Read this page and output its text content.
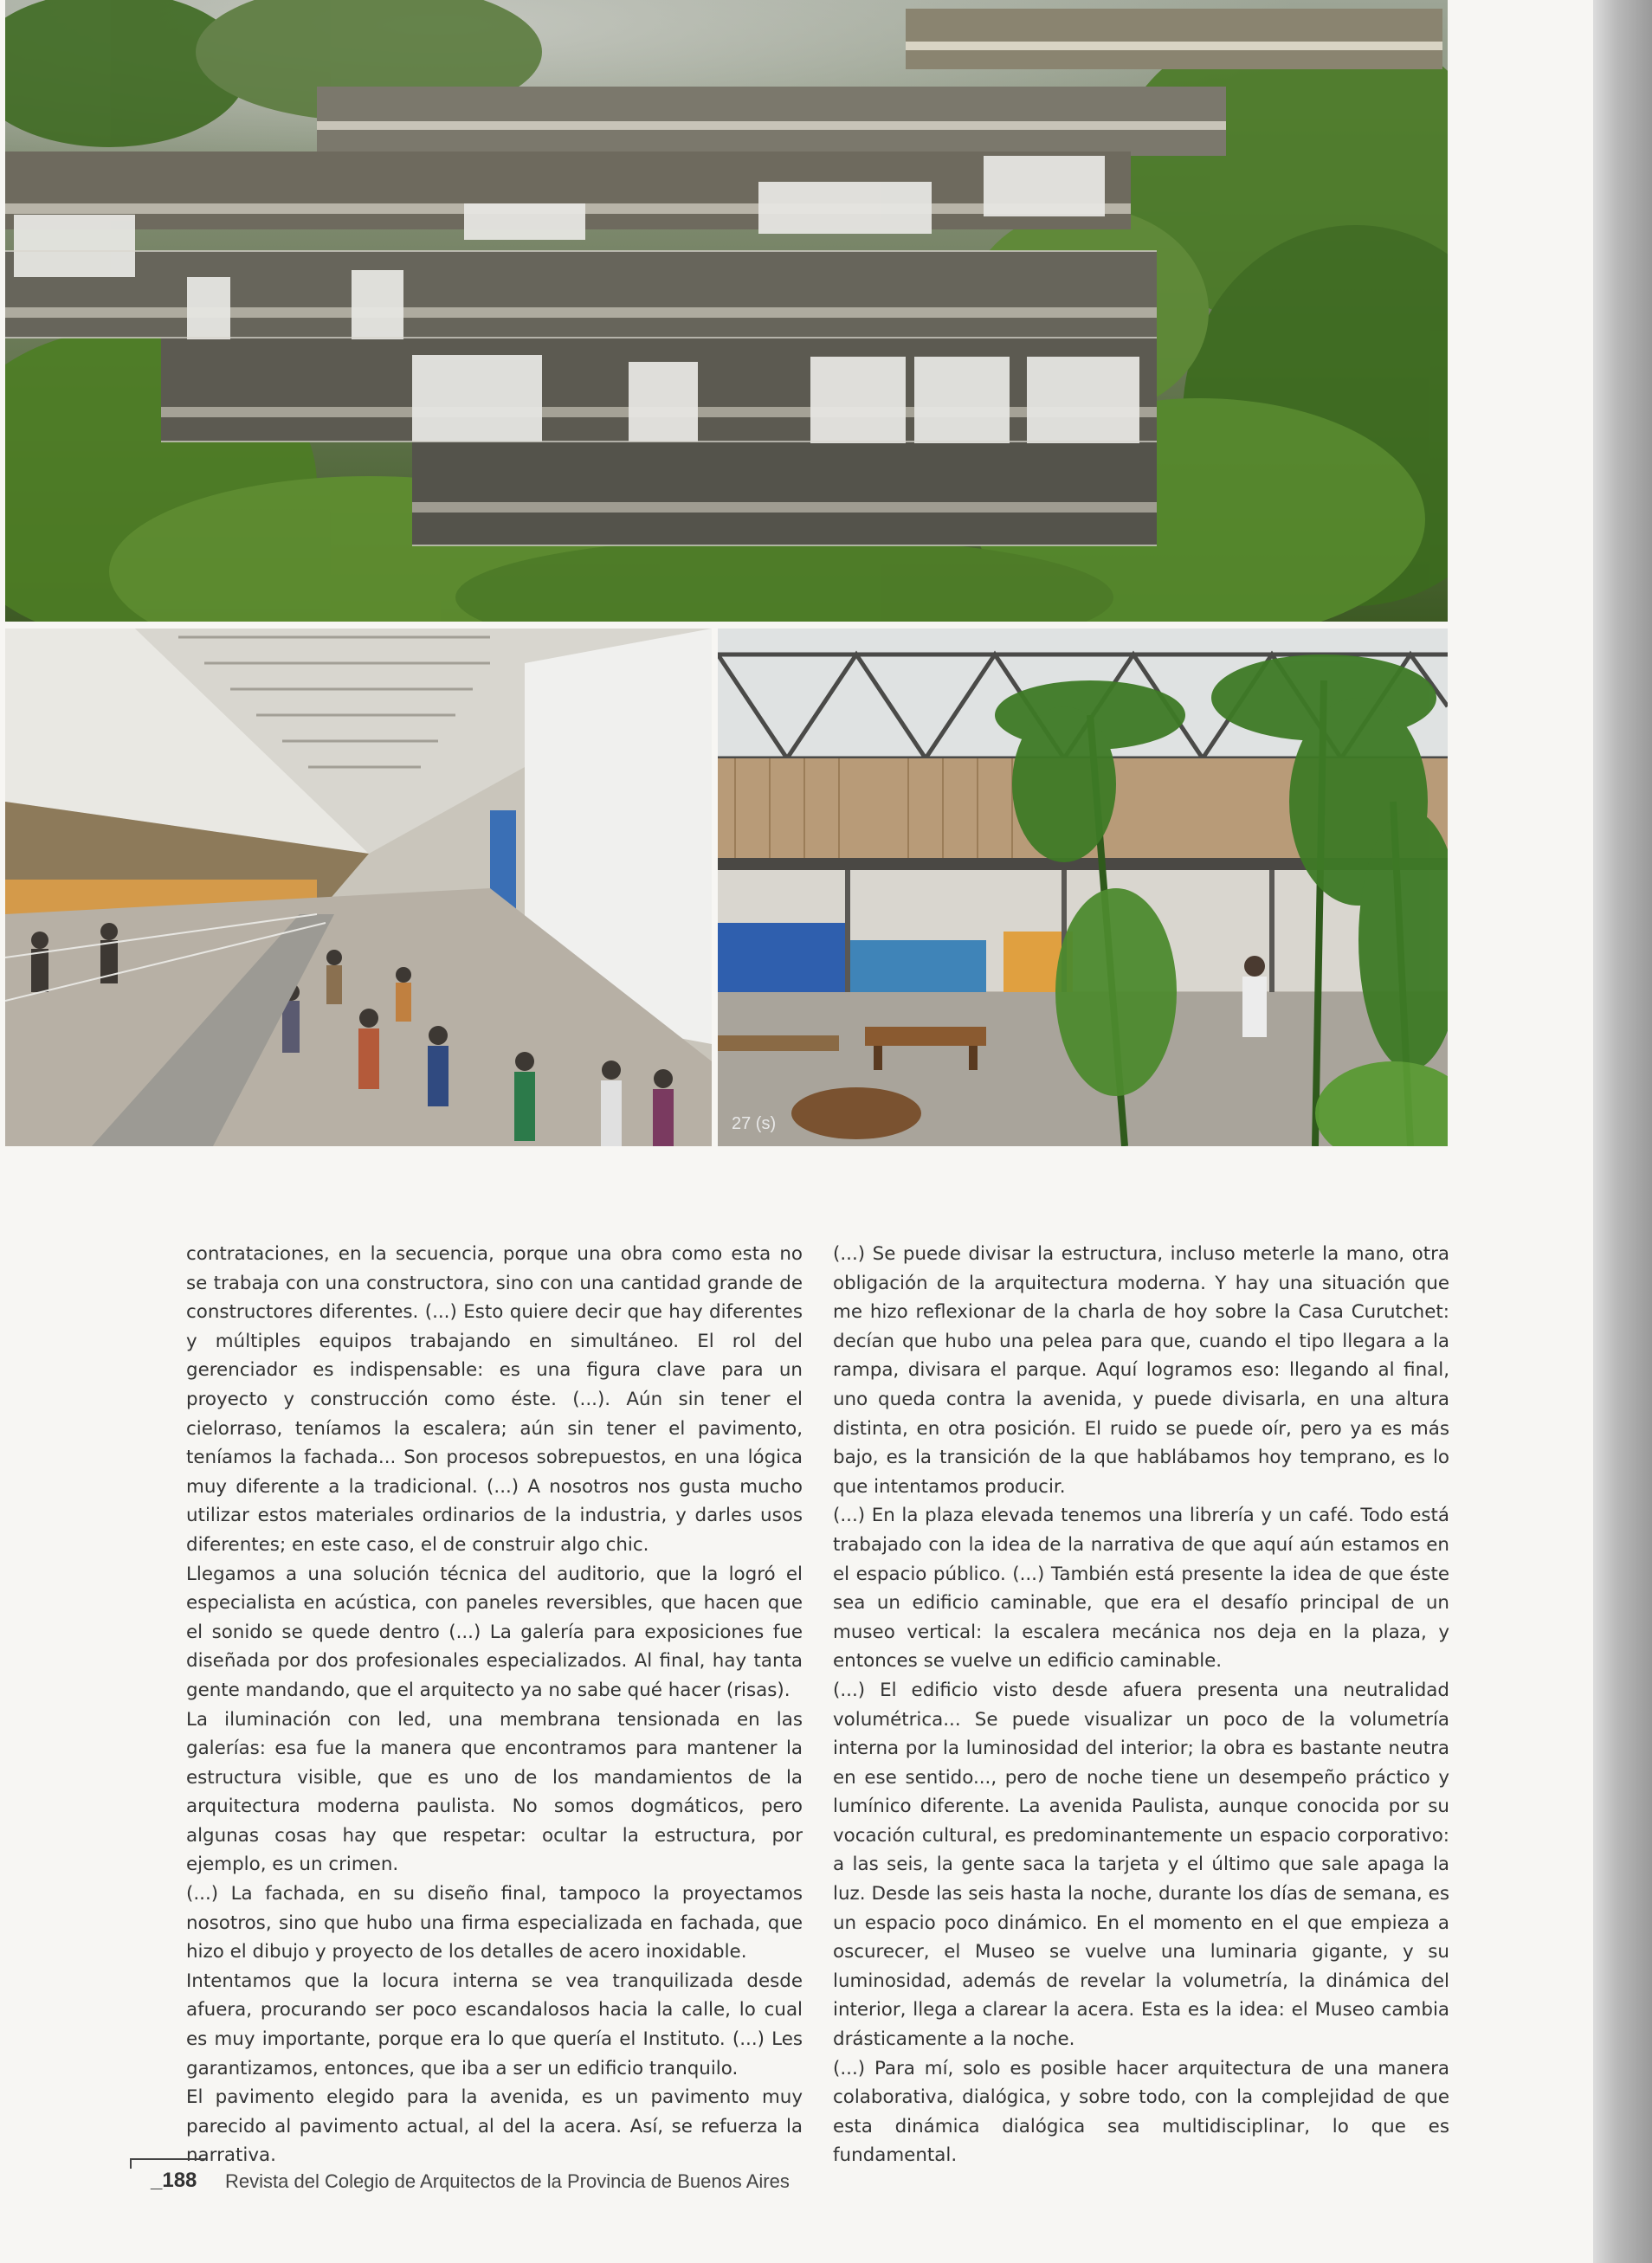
27 (s)

contrataciones, en la secuencia, porque una obra como esta no se trabaja con una constructora, sino con una cantidad grande de constructores diferentes. (...) Esto quiere decir que hay diferentes y múltiples equipos trabajando en simultáneo. El rol del gerenciador es indispensable: es una figura clave para un proyecto y construcción como éste. (...). Aún sin tener el cielorraso, teníamos la escalera; aún sin tener el pavimento, teníamos la fachada... Son procesos sobrepuestos, en una lógica muy diferente a la tradicional. (...) A nosotros nos gusta mucho utilizar estos materiales ordinarios de la industria, y darles usos diferentes; en este caso, el de construir algo chic.

Llegamos a una solución técnica del auditorio, que la logró el especialista en acústica, con paneles reversibles, que hacen que el sonido se quede dentro (...) La galería para exposiciones fue diseñada por dos profesionales especializados. Al final, hay tanta gente mandando, que el arquitecto ya no sabe qué hacer (risas).

La iluminación con led, una membrana tensionada en las galerías: esa fue la manera que encontramos para mantener la estructura visible, que es uno de los mandamientos de la arquitectura moderna paulista. No somos dogmáticos, pero algunas cosas hay que respetar: ocultar la estructura, por ejemplo, es un crimen.

(...) La fachada, en su diseño final, tampoco la proyectamos nosotros, sino que hubo una firma especializada en fachada, que hizo el dibujo y proyecto de los detalles de acero inoxidable.

Intentamos que la locura interna se vea tranquilizada desde afuera, procurando ser poco escandalosos hacia la calle, lo cual es muy importante, porque era lo que quería el Instituto. (...) Les garantizamos, entonces, que iba a ser un edificio tranquilo.

El pavimento elegido para la avenida, es un pavimento muy parecido al pavimento actual, al del la acera. Así, se refuerza la narrativa.

(...) Se puede divisar la estructura, incluso meterle la mano, otra obligación de la arquitectura moderna. Y hay una situación que me hizo reflexionar de la charla de hoy sobre la Casa Curutchet: decían que hubo una pelea para que, cuando el tipo llegara a la rampa, divisara el parque. Aquí logramos eso: llegando al final, uno queda contra la avenida, y puede divisarla, en una altura distinta, en otra posición. El ruido se puede oír, pero ya es más bajo, es la transición de la que hablábamos hoy temprano, es lo que intentamos producir.

(...) En la plaza elevada tenemos una librería y un café. Todo está trabajado con la idea de la narrativa de que aquí aún estamos en el espacio público. (...) También está presente la idea de que éste sea un edificio caminable, que era el desafío principal de un museo vertical: la escalera mecánica nos deja en la plaza, y entonces se vuelve un edificio caminable.

(...) El edificio visto desde afuera presenta una neutralidad volumétrica... Se puede visualizar un poco de la volumetría interna por la luminosidad del interior; la obra es bastante neutra en ese sentido..., pero de noche tiene un desempeño práctico y lumínico diferente. La avenida Paulista, aunque conocida por su vocación cultural, es predominantemente un espacio corporativo: a las seis, la gente saca la tarjeta y el último que sale apaga la luz. Desde las seis hasta la noche, durante los días de semana, es un espacio poco dinámico. En el momento en el que empieza a oscurecer, el Museo se vuelve una luminaria gigante, y su luminosidad, además de revelar la volumetría, la dinámica del interior, llega a clarear la acera. Esta es la idea: el Museo cambia drásticamente a la noche.

(...) Para mí, solo es posible hacer arquitectura de una manera colaborativa, dialógica, y sobre todo, con la complejidad de que esta dinámica dialógica sea multidisciplinar, lo que es fundamental.

_188 Revista del Colegio de Arquitectos de la Provincia de Buenos Aires
